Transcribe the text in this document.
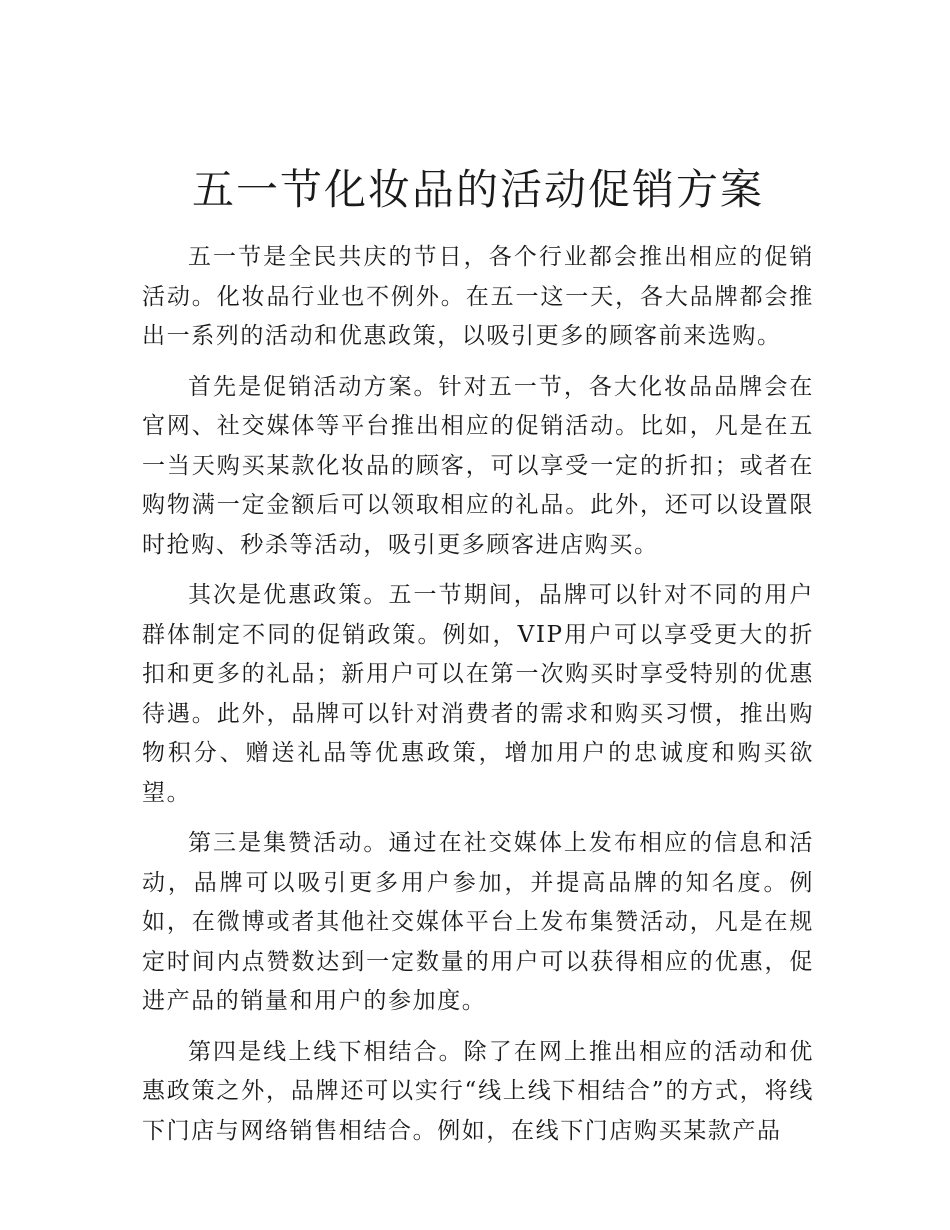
五一节化妆品的活动促销方案

五一节是全民共庆的节日，各个行业都会推出相应的促销活动。化妆品行业也不例外。在五一这一天，各大品牌都会推出一系列的活动和优惠政策，以吸引更多的顾客前来选购。

首先是促销活动方案。针对五一节，各大化妆品品牌会在官网、社交媒体等平台推出相应的促销活动。比如，凡是在五一当天购买某款化妆品的顾客，可以享受一定的折扣；或者在购物满一定金额后可以领取相应的礼品。此外，还可以设置限时抢购、秒杀等活动，吸引更多顾客进店购买。

其次是优惠政策。五一节期间，品牌可以针对不同的用户群体制定不同的促销政策。例如，VIP用户可以享受更大的折扣和更多的礼品；新用户可以在第一次购买时享受特别的优惠待遇。此外，品牌可以针对消费者的需求和购买习惯，推出购物积分、赠送礼品等优惠政策，增加用户的忠诚度和购买欲望。

第三是集赞活动。通过在社交媒体上发布相应的信息和活动，品牌可以吸引更多用户参加，并提高品牌的知名度。例如，在微博或者其他社交媒体平台上发布集赞活动，凡是在规定时间内点赞数达到一定数量的用户可以获得相应的优惠，促进产品的销量和用户的参加度。

第四是线上线下相结合。除了在网上推出相应的活动和优惠政策之外，品牌还可以实行“线上线下相结合”的方式，将线下门店与网络销售相结合。例如，在线下门店购买某款产品
